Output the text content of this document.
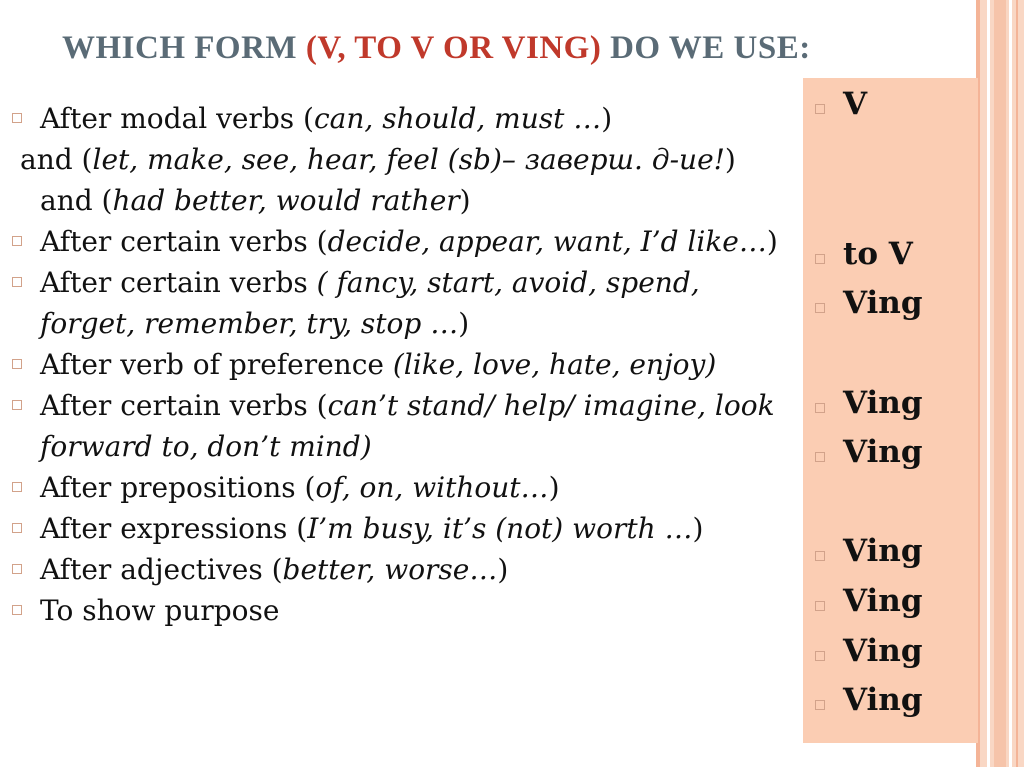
WHICH FORM (V, TO V OR VING) DO WE USE:
After modal verbs (can, should, must …)
and (let, make, see, hear, feel (sb)– заверш. д-ие!)
and (had better, would rather)
After certain verbs (decide, appear, want, I’d like…)
After certain verbs ( fancy, start, avoid, spend, forget, remember, try, stop …)
After verb of preference (like, love, hate, enjoy)
After certain verbs (can’t stand/ help/ imagine, look forward to, don’t mind)
After prepositions (of, on, without…)
After expressions (I’m busy, it’s (not) worth …)
After adjectives (better, worse…)
To show purpose
V
to V
Ving
Ving
Ving
Ving
Ving
Ving
Ving
